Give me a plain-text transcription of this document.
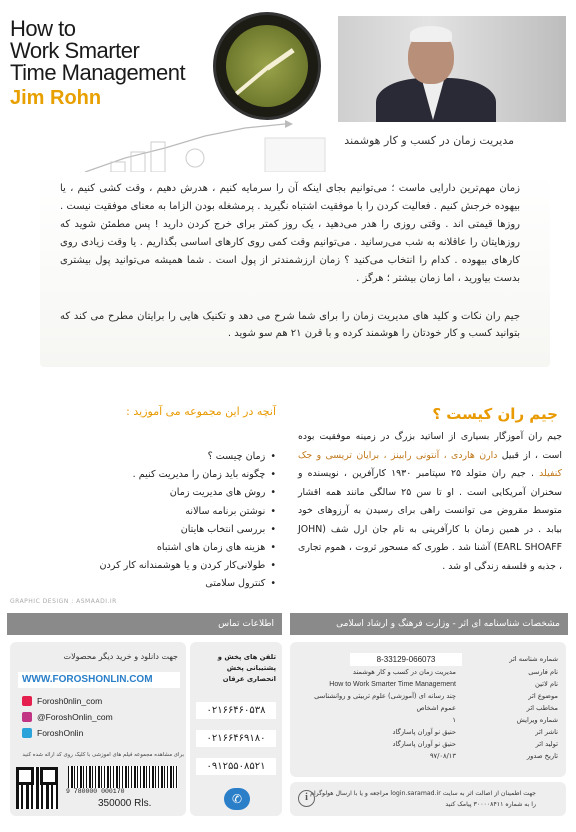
How to
Work Smarter
Time Management
Jim Rohn
مدیریت زمان در کسب و کار هوشمند

زمان مهم‌ترین دارایی ماست ؛ می‌توانیم بجای اینکه آن را سرمایه کنیم ، هدرش دهیم ، وقت کشی کنیم ، یا بیهوده خرجش کنیم . فعالیت کردن را با موفقیت اشتباه نگیرید . پرمشغله بودن الزاما به معنای موفقیت نیست . روزها قیمتی اند . وقتی روزی را هدر می‌دهید ، یک روز کمتر برای خرج کردن دارید ! پس مطمئن شوید که روزهایتان را عاقلانه به شب می‌رسانید . می‌توانیم وقت کمی روی کارهای اساسی بگذاریم . یا وقت زیادی روی کارهای بیهوده . کدام را انتخاب می‌کنید ؟ زمان ارزشمندتر از پول است . شما همیشه می‌توانید پول بیشتری بدست بیاورید ، اما زمان بیشتر ؛ هرگز .

جیم ران نکات و کلید های مدیریت زمان را برای شما شرح می دهد و تکنیک هایی را برایتان مطرح می کند که بتوانید کسب و کار خودتان را هوشمند کرده و با قرن ۲۱ هم سو شوید .

جیم ران کیست ؟

جیم ران آموزگار بسیاری از اساتید بزرگ در زمینه موفقیت بوده است ، از قبیل دارن هاردی ، آنتونی رابینز ، برایان تریسی و جک کنفیلد . جیم ران متولد ۲۵ سپتامبر ۱۹۳۰ کارآفرین ، نویسنده و سخنران آمریکایی است . او تا سن ۲۵ سالگی مانند همه اقشار متوسط مقروض می توانست راهی برای رسیدن به آرزوهای خود بیابد . در همین زمان با کارآفرینی به نام جان ارل شف (JOHN EARL SHOAFF) آشنا شد . طوری که مسحور ثروت ، هموم تجاری ، جذبه و فلسفه زندگی او شد .

آنچه در این مجموعه می آموزید :
• زمان چیست ؟
• چگونه باید زمان را مدیریت کنیم .
• روش های مدیریت زمان
• نوشتن برنامه سالانه
• بررسی انتخاب هایتان
• هزینه های زمان های اشتباه
• طولانی‌کار کردن و یا هوشمندانه کار کردن
• کنترول سلامتی
GRAPHIC DESIGN : ASMAADI.IR
اطلاعات تماس	مشخصات شناسنامه ای اثر - وزارت فرهنگ و ارشاد اسلامی
جهت دانلود و خرید دیگر محصولات
WWW.FOROSHONLIN.COM
Forosh0nlin_com
@ForoshOnlin_com
ForoshOnlin
برای مشاهده مجموعه فیلم های آموزشی با کلیک روی کد ارائه شده کنید
9 780000 000170
350000 Rls.
تلفن های پخش و پشتیبانی پخش انحصاری عرفان
۰۲۱۶۶۴۶۰۵۳۸
۰۲۱۶۶۴۶۹۱۸۰
۰۹۱۲۵۵۰۸۵۲۱
✆
8-33129-066073	شماره شناسه اثر
نام فارسی
مدیریت زمان در کسب و کار هوشمند
نام لاتین
How to Work Smarter Time Management
موضوع اثر
چند رسانه ای (آموزشی) علوم تربیتی و روانشناسی
مخاطب اثر
عموم اشخاص
شماره ویرایش
۱
ناشر اثر
حنیق نو آوران پاسارگاد
تولید اثر
حنیق نو آوران پاسارگاد
تاریخ صدور
۹۷/۰۸/۱۳
i جهت اطمینان از اصالت اثر به سایت login.saramad.ir مراجعه و یا با ارسال هولوگرام را به شماره ۳۰۰۰۰۸۴۱۱ پیامک کنید
